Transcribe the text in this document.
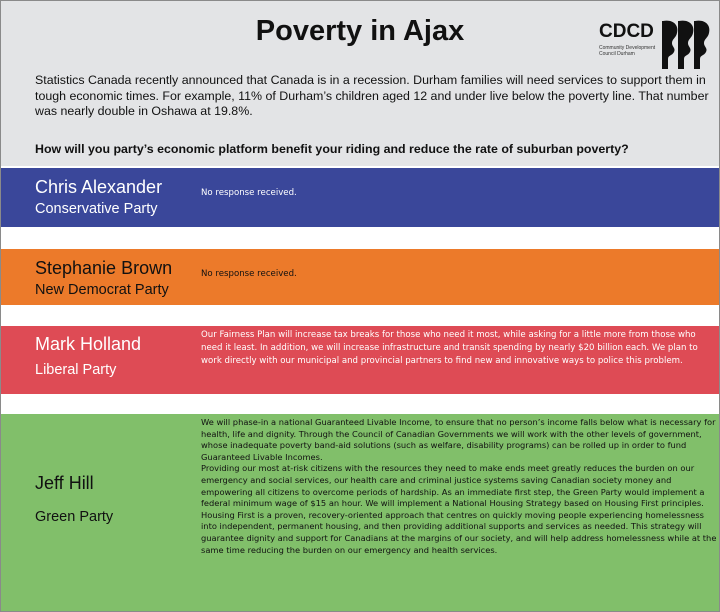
Poverty in Ajax	CDCD
Community Development
Council Durham
Statistics Canada recently announced that Canada is in a recession. Durham families will need services to support them in tough economic times. For example, 11% of Durham’s children aged 12 and under live below the poverty line. That number was nearly double in Oshawa at 19.8%.
How will you party’s economic platform benefit your riding and reduce the rate of suburban poverty?
Chris Alexander
Conservative Party
No response received.
Stephanie Brown
New Democrat Party
No response received.
Mark Holland
Liberal Party
Our Fairness Plan will increase tax breaks for those who need it most, while asking for a little more from those who need it least. In addition, we will increase infrastructure and transit spending by nearly $20 billion each. We plan to work directly with our municipal and provincial partners to find new and innovative ways to police this problem.
Jeff Hill
Green Party
We will phase-in a national Guaranteed Livable Income, to ensure that no person’s income falls below what is necessary for health, life and dignity. Through the Council of Canadian Governments we will work with the other levels of government, whose inadequate poverty band-aid solutions (such as welfare, disability programs) can be rolled up in order to fund Guaranteed Livable Incomes.
Providing our most at-risk citizens with the resources they need to make ends meet greatly reduces the burden on our emergency and social services, our health care and criminal justice systems saving Canadian society money and empowering all citizens to overcome periods of hardship. As an immediate first step, the Green Party would implement a federal minimum wage of $15 an hour. We will implement a National Housing Strategy based on Housing First principles. Housing First is a proven, recovery-oriented approach that centres on quickly moving people experiencing homelessness into independent, permanent housing, and then providing additional supports and services as needed. This strategy will guarantee dignity and support for Canadians at the margins of our society, and will help address homelessness while at the same time reducing the burden on our emergency and health services.
